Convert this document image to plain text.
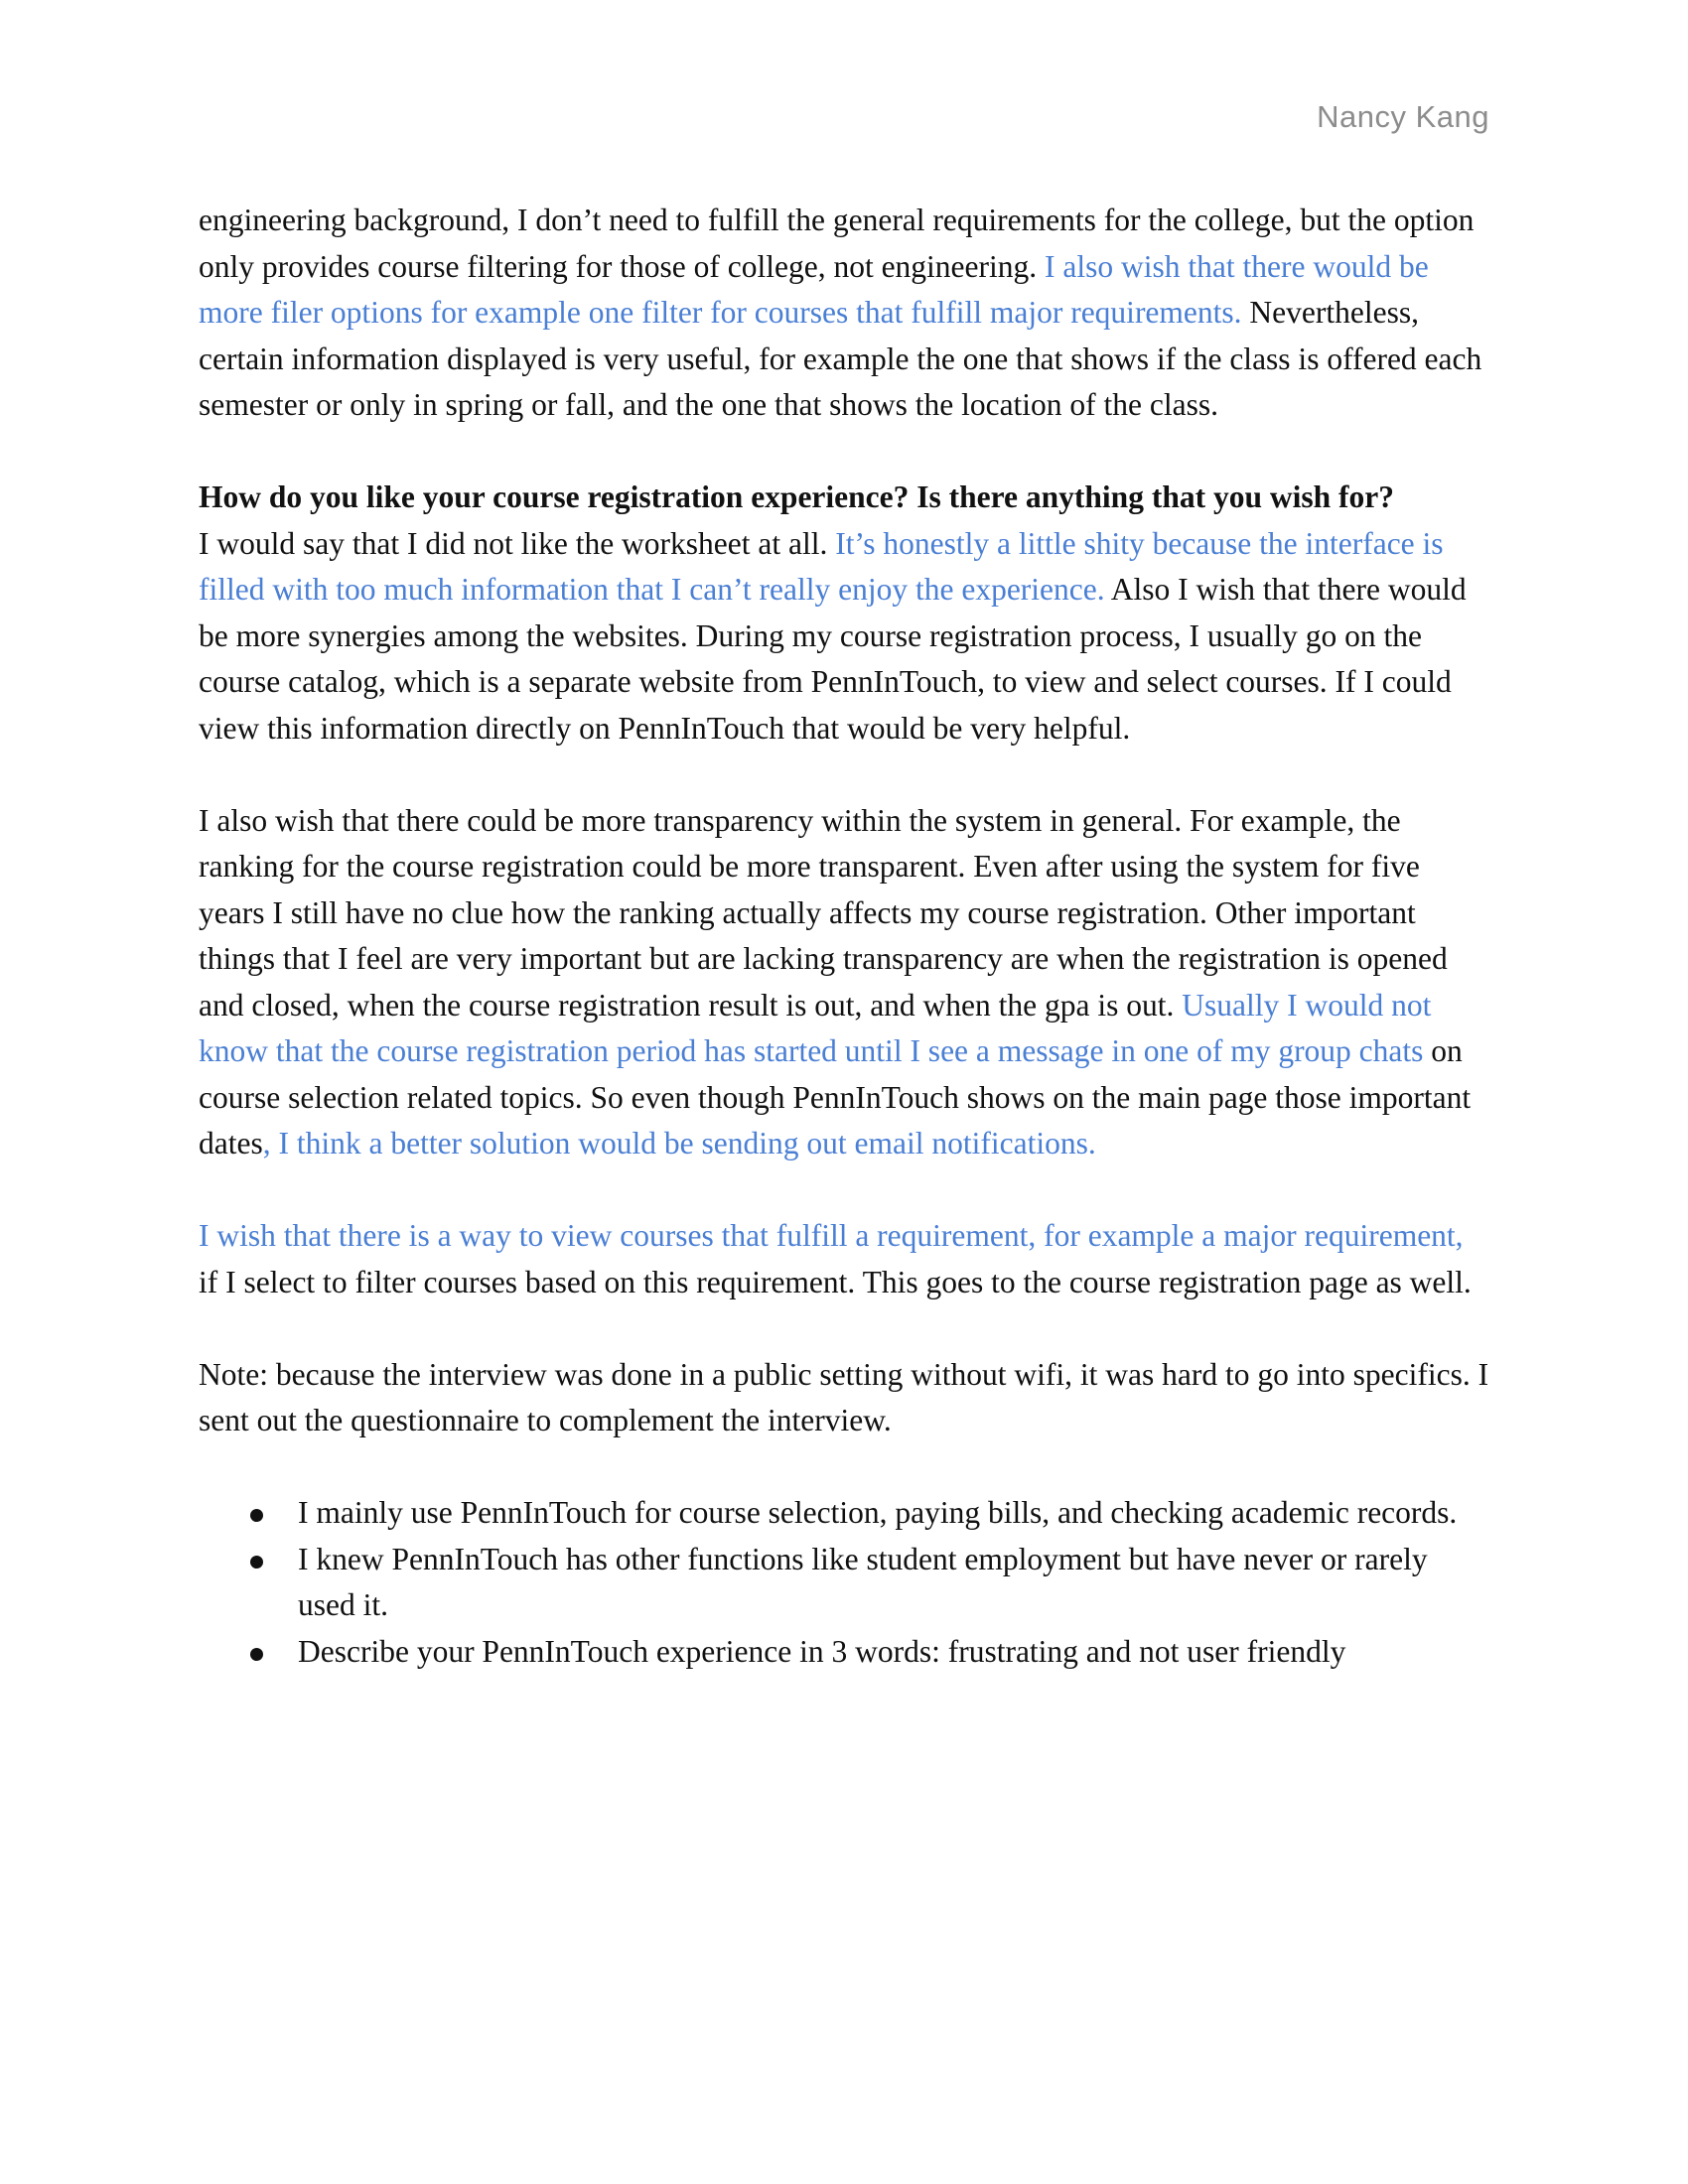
Nancy Kang

engineering background, I don’t need to fulfill the general requirements for the college, but the option only provides course filtering for those of college, not engineering. I also wish that there would be more filer options for example one filter for courses that fulfill major requirements. Nevertheless, certain information displayed is very useful, for example the one that shows if the class is offered each semester or only in spring or fall, and the one that shows the location of the class.

How do you like your course registration experience? Is there anything that you wish for?
I would say that I did not like the worksheet at all. It’s honestly a little shity because the interface is filled with too much information that I can’t really enjoy the experience. Also I wish that there would be more synergies among the websites. During my course registration process, I usually go on the course catalog, which is a separate website from PennInTouch, to view and select courses. If I could view this information directly on PennInTouch that would be very helpful.

I also wish that there could be more transparency within the system in general. For example, the ranking for the course registration could be more transparent. Even after using the system for five years I still have no clue how the ranking actually affects my course registration. Other important things that I feel are very important but are lacking transparency are when the registration is opened and closed, when the course registration result is out, and when the gpa is out. Usually I would not know that the course registration period has started until I see a message in one of my group chats on course selection related topics. So even though PennInTouch shows on the main page those important dates, I think a better solution would be sending out email notifications.

I wish that there is a way to view courses that fulfill a requirement, for example a major requirement, if I select to filter courses based on this requirement. This goes to the course registration page as well.

Note: because the interview was done in a public setting without wifi, it was hard to go into specifics. I sent out the questionnaire to complement the interview.

I mainly use PennInTouch for course selection, paying bills, and checking academic records.
I knew PennInTouch has other functions like student employment but have never or rarely used it.
Describe your PennInTouch experience in 3 words: frustrating and not user friendly
